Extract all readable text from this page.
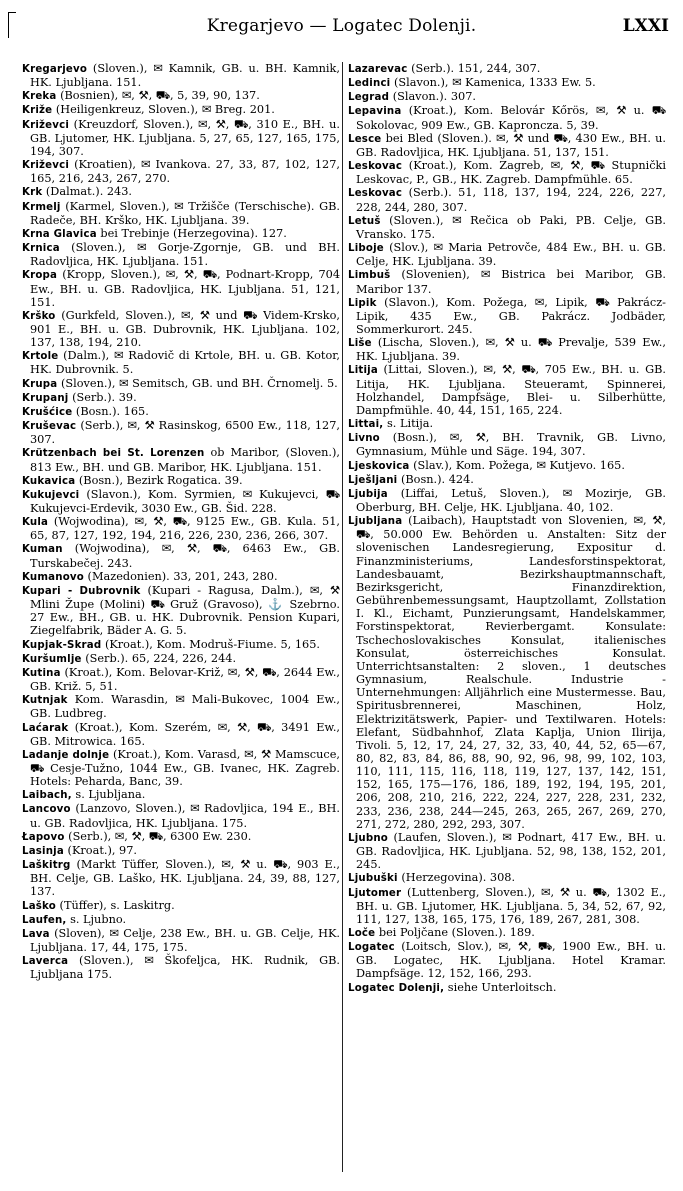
Kregarjevo — Logatec Dolenji.	LXXI

Kregarjevo (Sloven.), ✉ Kamnik, GB. u. BH. Kamnik, HK. Ljubljana. 151.

Kreka (Bosnien), ✉, ⚒, ⛟, 5, 39, 90, 137.

Križe (Heiligenkreuz, Sloven.), ✉ Breg. 201.

Križevci (Kreuzdorf, Sloven.), ✉, ⚒, ⛟, 310 E., BH. u. GB. Ljutomer, HK. Ljubljana. 5, 27, 65, 127, 165, 175, 194, 307.

Križevci (Kroatien), ✉ Ivankova. 27, 33, 87, 102, 127, 165, 216, 243, 267, 270.

Krk (Dalmat.). 243.

Krmelj (Karmel, Sloven.), ✉ Tržišče (Terschische). GB. Radeče, BH. Krško, HK. Ljubljana. 39.

Krna Glavica bei Trebinje (Herzegovina). 127.

Krnica (Sloven.), ✉ Gorje-Zgornje, GB. und BH. Radovljica, HK. Ljubljana. 151.

Kropa (Kropp, Sloven.), ✉, ⚒, ⛟, Podnart-Kropp, 704 Ew., BH. u. GB. Radovljica, HK. Ljubljana. 51, 121, 151.

Krško (Gurkfeld, Sloven.), ✉, ⚒ und ⛟ Videm-Krsko, 901 E., BH. u. GB. Dubrovnik, HK. Ljubljana. 102, 137, 138, 194, 210.

Krtole (Dalm.), ✉ Radovič di Krtole, BH. u. GB. Kotor, HK. Dubrovnik. 5.

Krupa (Sloven.), ✉ Semitsch, GB. und BH. Črnomelj. 5.

Krupanj (Serb.). 39.

Krušćice (Bosn.). 165.

Kruševac (Serb.), ✉, ⚒ Rasinskog, 6500 Ew., 118, 127, 307.

Krützenbach bei St. Lorenzen ob Maribor, (Sloven.), 813 Ew., BH. und GB. Maribor, HK. Ljubljana. 151.

Kukavica (Bosn.), Bezirk Rogatica. 39.

Kukujevci (Slavon.), Kom. Syrmien, ✉ Kukujevci, ⛟ Kukujevci-Erdevik, 3030 Ew., GB. Šid. 228.

Kula (Wojwodina), ✉, ⚒, ⛟, 9125 Ew., GB. Kula. 51, 65, 87, 127, 192, 194, 216, 226, 230, 236, 266, 307.

Kuman (Wojwodina), ✉, ⚒, ⛟, 6463 Ew., GB. Turskabečej. 243.

Kumanovo (Mazedonien). 33, 201, 243, 280.

Kupari - Dubrovnik (Kupari - Ragusa, Dalm.), ✉, ⚒ Mlini Župe (Molini) ⛟ Gruž (Gravoso), ⚓ Szebrno. 27 Ew., BH., GB. u. HK. Dubrovnik. Pension Kupari, Ziegelfabrik, Bäder A. G. 5.

Kupjak-Skrad (Kroat.), Kom. Modruš-Fiume. 5, 165.

Kuršumlje (Serb.). 65, 224, 226, 244.

Kutina (Kroat.), Kom. Belovar-Križ, ✉, ⚒, ⛟, 2644 Ew., GB. Križ. 5, 51.

Kutnjak Kom. Warasdin, ✉ Mali-Bukovec, 1004 Ew., GB. Ludbreg.

Laćarak (Kroat.), Kom. Szerém, ✉, ⚒, ⛟, 3491 Ew., GB. Mitrowica. 165.

Ladanje dolnje (Kroat.), Kom. Varasd, ✉, ⚒ Mamscuce, ⛟ Cesje-Tužno, 1044 Ew., GB. Ivanec, HK. Zagreb. Hotels: Peharda, Banc, 39.

Laibach, s. Ljubljana.

Lancovo (Lanzovo, Sloven.), ✉ Radovljica, 194 E., BH. u. GB. Radovljica, HK. Ljubljana. 175.

Łapovo (Serb.), ✉, ⚒, ⛟, 6300 Ew. 230.

Lasinja (Kroat.), 97.

Laškitrg (Markt Tüffer, Sloven.), ✉, ⚒ u. ⛟, 903 E., BH. Celje, GB. Laško, HK. Ljubljana. 24, 39, 88, 127, 137.

Laško (Tüffer), s. Laskitrg.

Laufen, s. Ljubno.

Lava (Sloven), ✉ Celje, 238 Ew., BH. u. GB. Celje, HK. Ljubljana. 17, 44, 175, 175.

Laverca (Sloven.), ✉ Škofeljca, HK. Rudnik, GB. Ljubljana 175.

Lazarevac (Serb.). 151, 244, 307.

Ledinci (Slavon.), ✉ Kamenica, 1333 Ew. 5.

Legrad (Slavon.). 307.

Lepavina (Kroat.), Kom. Belovár Kőrös, ✉, ⚒ u. ⛟ Sokolovac, 909 Ew., GB. Kaproncza. 5, 39.

Lesce bei Bled (Sloven.). ✉, ⚒ und ⛟, 430 Ew., BH. u. GB. Radovljica, HK. Ljubljana. 51, 137, 151.

Leskovac (Kroat.), Kom. Zagreb, ✉, ⚒, ⛟ Stupnički Leskovac, P., GB., HK. Zagreb. Dampfmühle. 65.

Leskovac (Serb.). 51, 118, 137, 194, 224, 226, 227, 228, 244, 280, 307.

Letuš (Sloven.), ✉ Rečica ob Paki, PB. Celje, GB. Vransko. 175.

Liboje (Slov.), ✉ Maria Petrovče, 484 Ew., BH. u. GB. Celje, HK. Ljubljana. 39.

Limbuš (Slovenien), ✉ Bistrica bei Maribor, GB. Maribor 137.

Lipik (Slavon.), Kom. Požega, ✉, Lipik, ⛟ Pakrácz-Lipik, 435 Ew., GB. Pakrácz. Jodbäder, Sommerkurort. 245.

Liše (Lischa, Sloven.), ✉, ⚒ u. ⛟ Prevalje, 539 Ew., HK. Ljubljana. 39.

Litija (Littai, Sloven.), ✉, ⚒, ⛟, 705 Ew., BH. u. GB. Litija, HK. Ljubljana. Steueramt, Spinnerei, Holzhandel, Dampfsäge, Blei- u. Silberhütte, Dampfmühle. 40, 44, 151, 165, 224.

Littai, s. Litija.

Livno (Bosn.), ✉, ⚒, BH. Travnik, GB. Livno, Gymnasium, Mühle und Säge. 194, 307.

Ljeskovica (Slav.), Kom. Požega, ✉ Kutjevo. 165.

Lješljani (Bosn.). 424.

Ljubija (Liffai, Letuš, Sloven.), ✉ Mozirje, GB. Oberburg, BH. Celje, HK. Ljubljana. 40, 102.

Ljubljana (Laibach), Hauptstadt von Slovenien, ✉, ⚒, ⛟, 50.000 Ew. Behörden u. Anstalten: Sitz der slovenischen Landesregierung, Expositur d. Finanzministeriums, Landesforstinspektorat, Landesbauamt, Bezirkshauptmannschaft, Bezirksgericht, Finanzdirektion, Gebührenbemessungsamt, Hauptzollamt, Zollstation I. Kl., Eichamt, Punzierungsamt, Handelskammer, Forstinspektorat, Revierbergamt. Konsulate: Tschechoslovakisches Konsulat, italienisches Konsulat, österreichisches Konsulat. Unterrichtsanstalten: 2 sloven., 1 deutsches Gymnasium, Realschule. Industrie - Unternehmungen: Alljährlich eine Mustermesse. Bau, Spiritusbrennerei, Maschinen, Holz, Elektrizitätswerk, Papier- und Textilwaren. Hotels: Elefant, Südbahnhof, Zlata Kaplja, Union Ilirija, Tivoli. 5, 12, 17, 24, 27, 32, 33, 40, 44, 52, 65—67, 80, 82, 83, 84, 86, 88, 90, 92, 96, 98, 99, 102, 103, 110, 111, 115, 116, 118, 119, 127, 137, 142, 151, 152, 165, 175—176, 186, 189, 192, 194, 195, 201, 206, 208, 210, 216, 222, 224, 227, 228, 231, 232, 233, 236, 238, 244—245, 263, 265, 267, 269, 270, 271, 272, 280, 292, 293, 307.

Ljubno (Laufen, Sloven.), ✉ Podnart, 417 Ew., BH. u. GB. Radovljica, HK. Ljubljana. 52, 98, 138, 152, 201, 245.

Ljubuški (Herzegovina). 308.

Ljutomer (Luttenberg, Sloven.), ✉, ⚒ u. ⛟, 1302 E., BH. u. GB. Ljutomer, HK. Ljubljana. 5, 34, 52, 67, 92, 111, 127, 138, 165, 175, 176, 189, 267, 281, 308.

Loče bei Poljčane (Sloven.). 189.

Logatec (Loitsch, Slov.), ✉, ⚒, ⛟, 1900 Ew., BH. u. GB. Logatec, HK. Ljubljana. Hotel Kramar. Dampfsäge. 12, 152, 166, 293.

Logatec Dolenji, siehe Unterloitsch.
